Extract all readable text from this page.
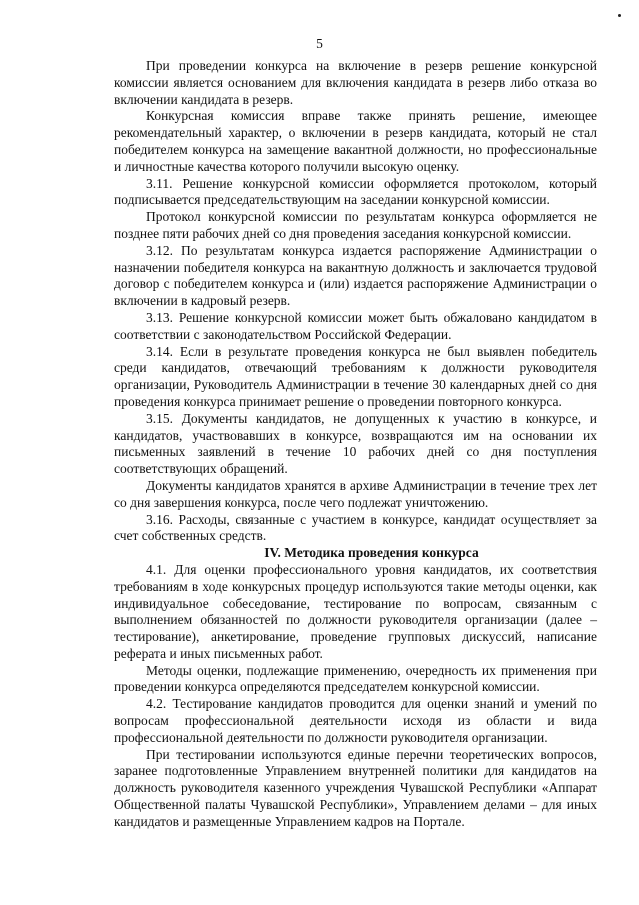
5

При проведении конкурса на включение в резерв решение конкурсной комиссии является основанием для включения кандидата в резерв либо отказа во включении кандидата в резерв.

Конкурсная комиссия вправе также принять решение, имеющее рекомендательный характер, о включении в резерв кандидата, который не стал победителем конкурса на замещение вакантной должности, но профессиональные и личностные качества которого получили высокую оценку.

3.11. Решение конкурсной комиссии оформляется протоколом, который подписывается председательствующим на заседании конкурсной комиссии.

Протокол конкурсной комиссии по результатам конкурса оформляется не позднее пяти рабочих дней со дня проведения заседания конкурсной комиссии.

3.12. По результатам конкурса издается распоряжение Администрации о назначении победителя конкурса на вакантную должность и заключается трудовой договор с победителем конкурса и (или) издается распоряжение Администрации о включении в кадровый резерв.

3.13. Решение конкурсной комиссии может быть обжаловано кандидатом в соответствии с законодательством Российской Федерации.

3.14. Если в результате проведения конкурса не был выявлен победитель среди кандидатов, отвечающий требованиям к должности руководителя организации, Руководитель Администрации в течение 30 календарных дней со дня проведения конкурса принимает решение о проведении повторного конкурса.

3.15. Документы кандидатов, не допущенных к участию в конкурсе, и кандидатов, участвовавших в конкурсе, возвращаются им на основании их письменных заявлений в течение 10 рабочих дней со дня поступления соответствующих обращений.

Документы кандидатов хранятся в архиве Администрации в течение трех лет со дня завершения конкурса, после чего подлежат уничтожению.

3.16. Расходы, связанные с участием в конкурсе, кандидат осуществляет за счет собственных средств.

IV. Методика проведения конкурса

4.1. Для оценки профессионального уровня кандидатов, их соответствия требованиям в ходе конкурсных процедур используются такие методы оценки, как индивидуальное собеседование, тестирование по вопросам, связанным с выполнением обязанностей по должности руководителя организации (далее – тестирование), анкетирование, проведение групповых дискуссий, написание реферата и иных письменных работ.

Методы оценки, подлежащие применению, очередность их применения при проведении конкурса определяются председателем конкурсной комиссии.

4.2. Тестирование кандидатов проводится для оценки знаний и умений по вопросам профессиональной деятельности исходя из области и вида профессиональной деятельности по должности руководителя организации.

При тестировании используются единые перечни теоретических вопросов, заранее подготовленные Управлением внутренней политики для кандидатов на должность руководителя казенного учреждения Чувашской Республики «Аппарат Общественной палаты Чувашской Республики», Управлением делами – для иных кандидатов и размещенные Управлением кадров на Портале.
